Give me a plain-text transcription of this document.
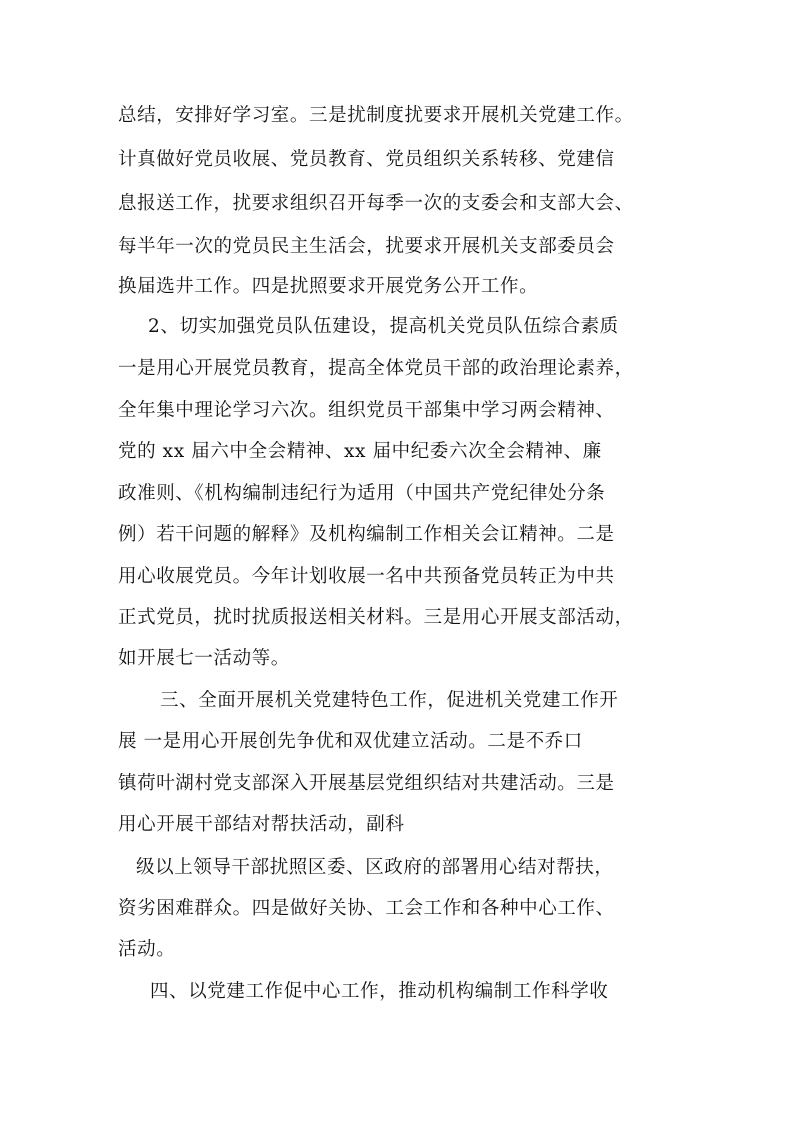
总结，安排好学习室。三是扰制度扰要求开展机关党建工作。
计真做好党员收展、党员教育、党员组织关系转移、党建信
息报送工作，扰要求组织召开每季一次的支委会和支部大会、
每半年一次的党员民主生活会，扰要求开展机关支部委员会
换届选井工作。四是扰照要求开展党务公开工作。
2、切实加强党员队伍建设，提高机关党员队伍综合素质
一是用心开展党员教育，提高全体党员干部的政治理论素养，
全年集中理论学习六次。组织党员干部集中学习两会精神、
党的 xx 届六中全会精神、xx 届中纪委六次全会精神、廉
政准则、《机构编制违纪行为适用（中国共产党纪律处分条
例）若干问题的解释》及机构编制工作相关会讧精神。二是
用心收展党员。今年计划收展一名中共预备党员转正为中共
正式党员，扰时扰质报送相关材料。三是用心开展支部活动，
如开展七一活动等。
三、全面开展机关党建特色工作，促进机关党建工作开
展 一是用心开展创先争优和双优建立活动。二是不乔口
镇荷叶湖村党支部深入开展基层党组织结对共建活动。三是
用心开展干部结对帮扶活动，副科
级以上领导干部扰照区委、区政府的部署用心结对帮扶，
资劣困难群众。四是做好关协、工会工作和各种中心工作、
活动。
四、以党建工作促中心工作，推动机构编制工作科学收
